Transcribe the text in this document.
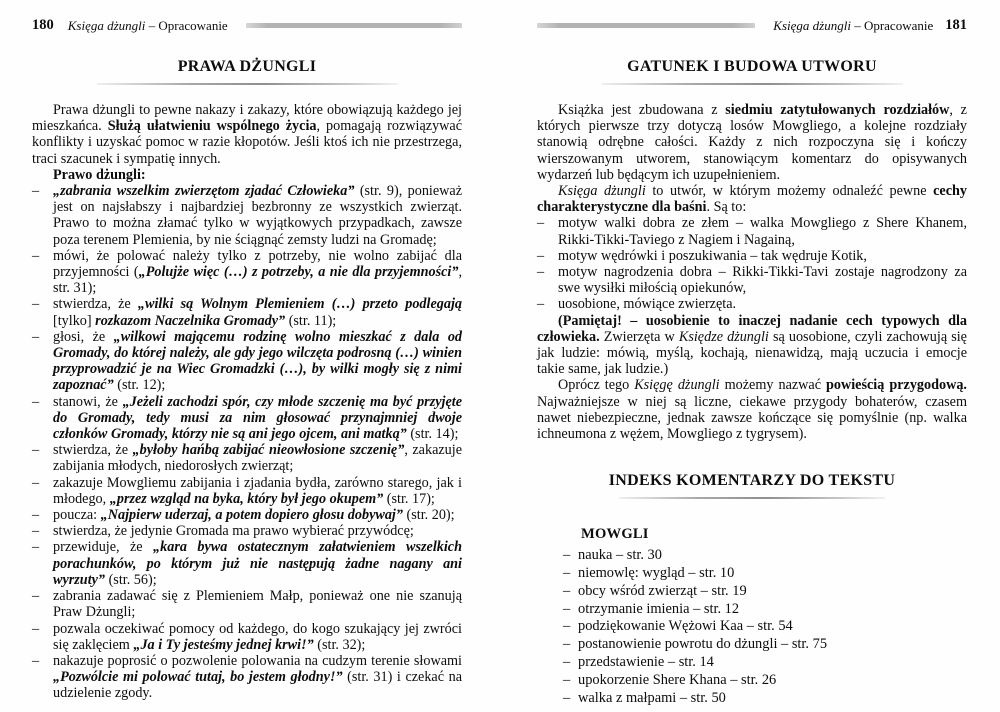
180 Księga dżungli – Opracowanie
PRAWA DŻUNGLI

Prawa dżungli to pewne nakazy i zakazy, które obowiązują każdego jej mieszkańca. Służą ułatwieniu wspólnego życia, pomagają rozwiązywać konflikty i uzyskać pomoc w razie kłopotów. Jeśli ktoś ich nie przestrzega, traci szacunek i sympatię innych.

Prawo dżungli:

–„zabrania wszelkim zwierzętom zjadać Człowieka” (str. 9), ponieważ jest on najsłabszy i najbardziej bezbronny ze wszystkich zwierząt. Prawo to można złamać tylko w wyjątkowych przypadkach, zawsze poza terenem Plemienia, by nie ściągnąć zemsty ludzi na Gromadę;
–mówi, że polować należy tylko z potrzeby, nie wolno zabijać dla przyjemności („Polujże więc (…) z potrzeby, a nie dla przyjemności”, str. 31);
–stwierdza, że „wilki są Wolnym Plemieniem (…) przeto podlegają [tylko] rozkazom Naczelnika Gromady” (str. 11);
–głosi, że „wilkowi mającemu rodzinę wolno mieszkać z dala od Gromady, do której należy, ale gdy jego wilczęta podrosną (…) winien przyprowadzić je na Wiec Gromadzki (…), by wilki mogły się z nimi zapoznać” (str. 12);
–stanowi, że „Jeżeli zachodzi spór, czy młode szczenię ma być przyjęte do Gromady, tedy musi za nim głosować przynajmniej dwoje członków Gromady, którzy nie są ani jego ojcem, ani matką” (str. 14);
–stwierdza, że „byłoby hańbą zabijać nieowłosione szczenię”, zakazuje zabijania młodych, niedorosłych zwierząt;
–zakazuje Mowgliemu zabijania i zjadania bydła, zarówno starego, jak i młodego, „przez wzgląd na byka, który był jego okupem” (str. 17);
–poucza: „Najpierw uderzaj, a potem dopiero głosu dobywaj” (str. 20);
–stwierdza, że jedynie Gromada ma prawo wybierać przywódcę;
–przewiduje, że „kara bywa ostatecznym załatwieniem wszelkich porachunków, po którym już nie następują żadne nagany ani wyrzuty” (str. 56);
–zabrania zadawać się z Plemieniem Małp, ponieważ one nie szanują Praw Dżungli;
–pozwala oczekiwać pomocy od każdego, do kogo szukający jej zwróci się zaklęciem „Ja i Ty jesteśmy jednej krwi!” (str. 32);
–nakazuje poprosić o pozwolenie polowania na cudzym terenie słowami „Pozwólcie mi polować tutaj, bo jestem głodny!” (str. 31) i czekać na udzielenie zgody.
Księga dżungli – Opracowanie 181
GATUNEK I BUDOWA UTWORU

Książka jest zbudowana z siedmiu zatytułowanych rozdziałów, z których pierwsze trzy dotyczą losów Mowgliego, a kolejne rozdziały stanowią odrębne całości. Każdy z nich rozpoczyna się i kończy wierszowanym utworem, stanowiącym komentarz do opisywanych wydarzeń lub będącym ich uzupełnieniem.

Księga dżungli to utwór, w którym możemy odnaleźć pewne cechy charakterystyczne dla baśni. Są to:

–motyw walki dobra ze złem – walka Mowgliego z Shere Khanem, Rikki-Tikki-Taviego z Nagiem i Nagainą,
–motyw wędrówki i poszukiwania – tak wędruje Kotik,
–motyw nagrodzenia dobra – Rikki-Tikki-Tavi zostaje nagrodzony za swe wysiłki miłością opiekunów,
–uosobione, mówiące zwierzęta.

(Pamiętaj! – uosobienie to inaczej nadanie cech typowych dla człowieka. Zwierzęta w Księdze dżungli są uosobione, czyli zachowują się jak ludzie: mówią, myślą, kochają, nienawidzą, mają uczucia i emocje takie same, jak ludzie.)

Oprócz tego Księgę dżungli możemy nazwać powieścią przygodową. Najważniejsze w niej są liczne, ciekawe przygody bohaterów, czasem nawet niebezpieczne, jednak zawsze kończące się pomyślnie (np. walka ichneumona z wężem, Mowgliego z tygrysem).

INDEKS KOMENTARZY DO TEKSTU
MOWGLI
–nauka – str. 30
–niemowlę: wygląd – str. 10
–obcy wśród zwierząt – str. 19
–otrzymanie imienia – str. 12
–podziękowanie Wężowi Kaa – str. 54
–postanowienie powrotu do dżungli – str. 75
–przedstawienie – str. 14
–upokorzenie Shere Khana – str. 26
–walka z małpami – str. 50
